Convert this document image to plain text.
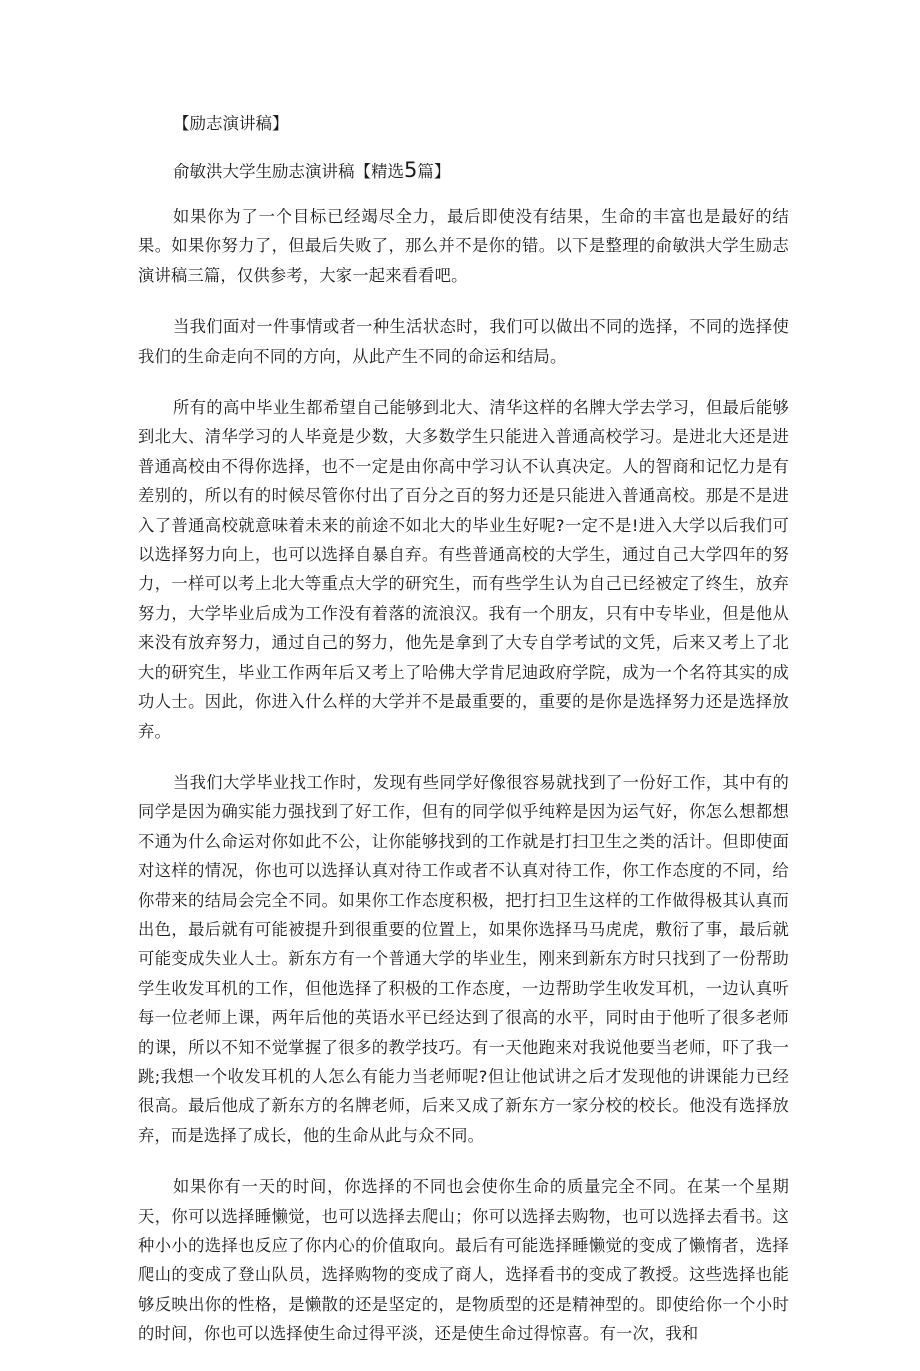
【励志演讲稿】
俞敏洪大学生励志演讲稿【精选5篇】

如果你为了一个目标已经竭尽全力，最后即使没有结果，生命的丰富也是最好的结果。如果你努力了，但最后失败了，那么并不是你的错。以下是整理的俞敏洪大学生励志演讲稿三篇，仅供参考，大家一起来看看吧。

当我们面对一件事情或者一种生活状态时，我们可以做出不同的选择，不同的选择使我们的生命走向不同的方向，从此产生不同的命运和结局。

所有的高中毕业生都希望自己能够到北大、清华这样的名牌大学去学习，但最后能够到北大、清华学习的人毕竟是少数，大多数学生只能进入普通高校学习。是进北大还是进普通高校由不得你选择，也不一定是由你高中学习认不认真决定。人的智商和记忆力是有差别的，所以有的时候尽管你付出了百分之百的努力还是只能进入普通高校。那是不是进入了普通高校就意味着未来的前途不如北大的毕业生好呢?一定不是!进入大学以后我们可以选择努力向上，也可以选择自暴自弃。有些普通高校的大学生，通过自己大学四年的努力，一样可以考上北大等重点大学的研究生，而有些学生认为自己已经被定了终生，放弃努力，大学毕业后成为工作没有着落的流浪汉。我有一个朋友，只有中专毕业，但是他从来没有放弃努力，通过自己的努力，他先是拿到了大专自学考试的文凭，后来又考上了北大的研究生，毕业工作两年后又考上了哈佛大学肯尼迪政府学院，成为一个名符其实的成功人士。因此，你进入什么样的大学并不是最重要的，重要的是你是选择努力还是选择放弃。

当我们大学毕业找工作时，发现有些同学好像很容易就找到了一份好工作，其中有的同学是因为确实能力强找到了好工作，但有的同学似乎纯粹是因为运气好，你怎么想都想不通为什么命运对你如此不公，让你能够找到的工作就是打扫卫生之类的活计。但即使面对这样的情况，你也可以选择认真对待工作或者不认真对待工作，你工作态度的不同，给你带来的结局会完全不同。如果你工作态度积极，把打扫卫生这样的工作做得极其认真而出色，最后就有可能被提升到很重要的位置上，如果你选择马马虎虎，敷衍了事，最后就可能变成失业人士。新东方有一个普通大学的毕业生，刚来到新东方时只找到了一份帮助学生收发耳机的工作，但他选择了积极的工作态度，一边帮助学生收发耳机，一边认真听每一位老师上课，两年后他的英语水平已经达到了很高的水平，同时由于他听了很多老师的课，所以不知不觉掌握了很多的教学技巧。有一天他跑来对我说他要当老师，吓了我一跳;我想一个收发耳机的人怎么有能力当老师呢?但让他试讲之后才发现他的讲课能力已经很高。最后他成了新东方的名牌老师，后来又成了新东方一家分校的校长。他没有选择放弃，而是选择了成长，他的生命从此与众不同。

如果你有一天的时间，你选择的不同也会使你生命的质量完全不同。在某一个星期天，你可以选择睡懒觉，也可以选择去爬山；你可以选择去购物，也可以选择去看书。这种小小的选择也反应了你内心的价值取向。最后有可能选择睡懒觉的变成了懒惰者，选择爬山的变成了登山队员，选择购物的变成了商人，选择看书的变成了教授。这些选择也能够反映出你的性格，是懒散的还是坚定的，是物质型的还是精神型的。即使给你一个小时的时间，你也可以选择使生命过得平淡，还是使生命过得惊喜。有一次，我和
